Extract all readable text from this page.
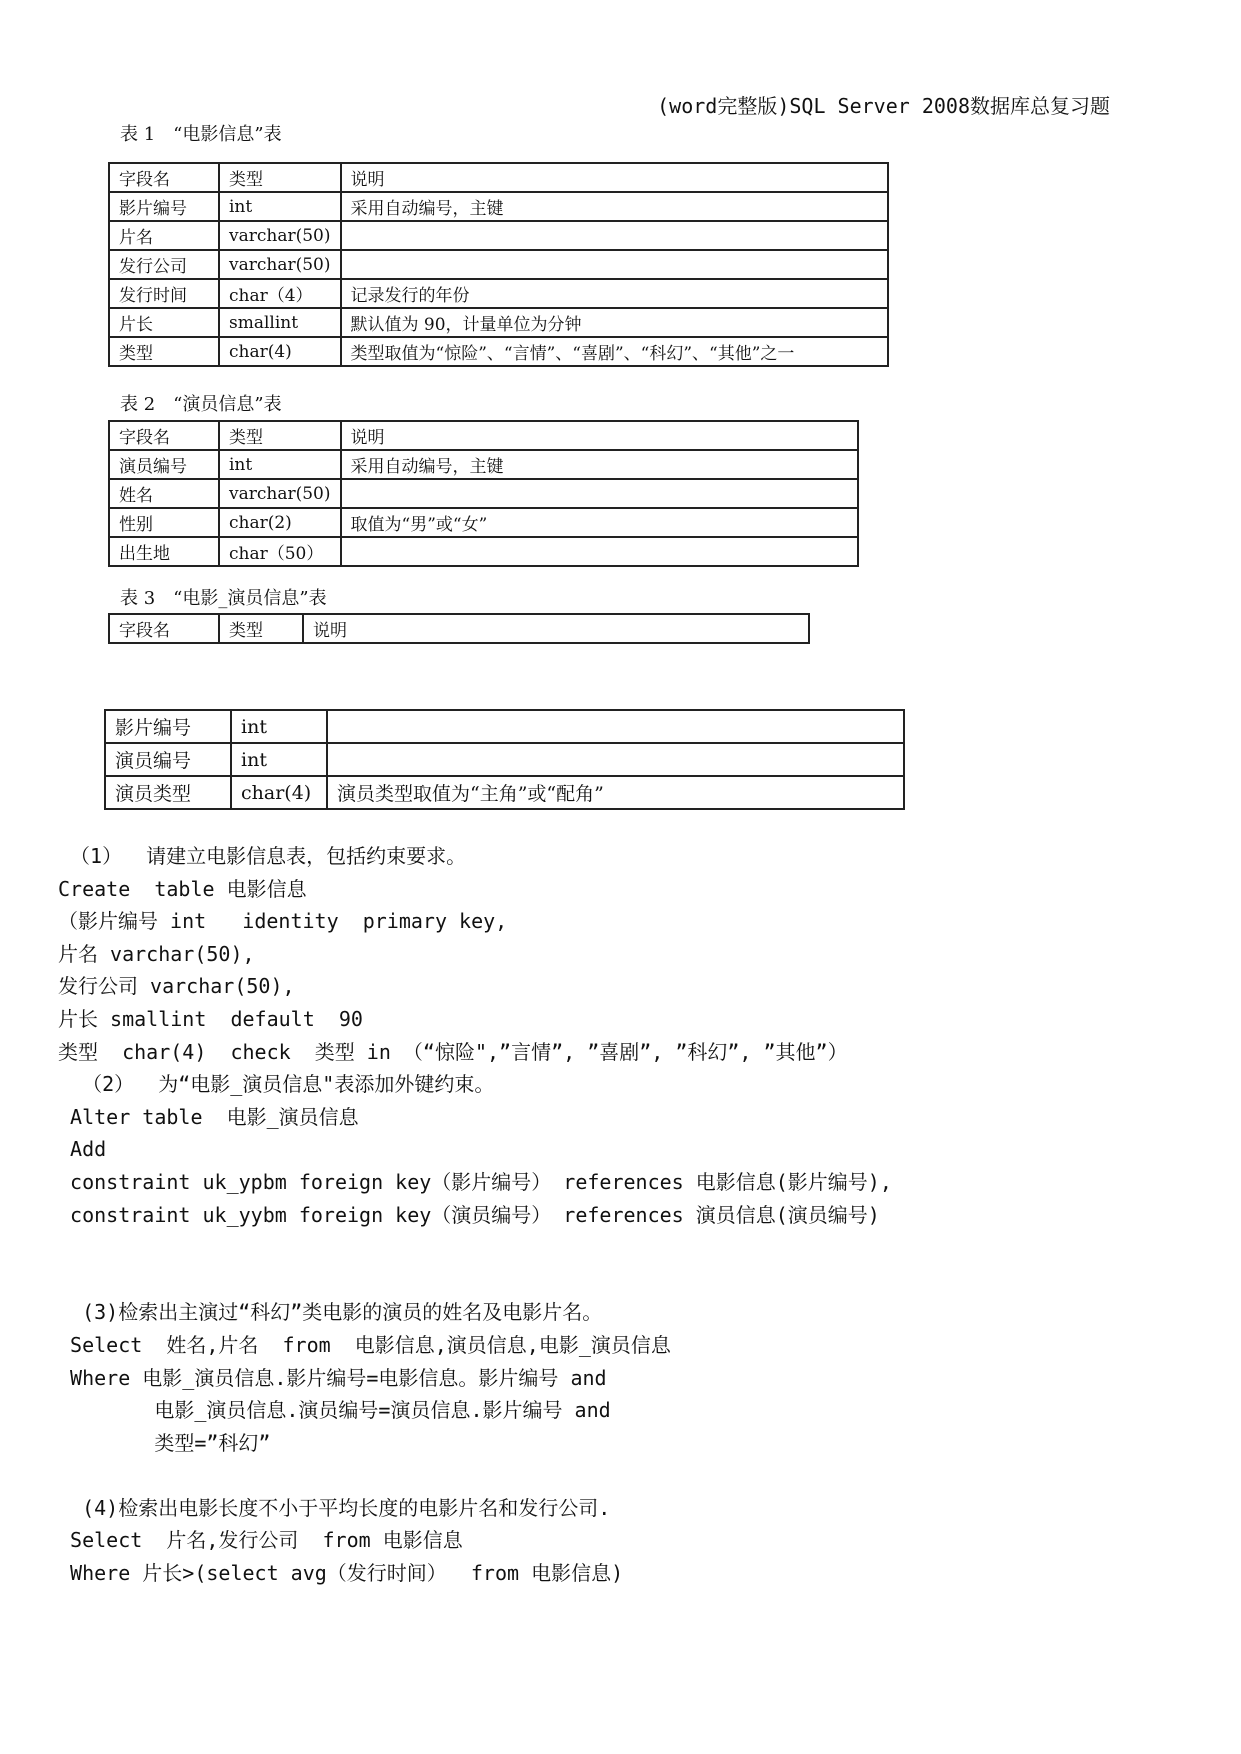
(word完整版)SQL Server 2008数据库总复习题
表 1　“电影信息”表
字段名	类型	说明
影片编号	int	采用自动编号，主键
片名	varchar(50)	
发行公司	varchar(50)	
发行时间	char（4）	记录发行的年份
片长	smallint	默认值为 90，计量单位为分钟
类型	char(4)	类型取值为“惊险”、“言情”、“喜剧”、“科幻”、“其他”之一
表 2　“演员信息”表
字段名	类型	说明
演员编号	int	采用自动编号，主键
姓名	varchar(50)	
性别	char(2)	取值为“男”或“女”
出生地	char（50）	
表 3　“电影_演员信息”表
字段名	类型	说明
影片编号	int	
演员编号	int	
演员类型	char(4)	演员类型取值为“主角”或“配角”
（1）  请建立电影信息表，包括约束要求。
Create  table 电影信息
（影片编号 int   identity  primary key,
片名 varchar(50),
发行公司 varchar(50),
片长 smallint  default  90
类型  char(4)  check  类型 in （“惊险",”言情”, ”喜剧”, ”科幻”, ”其他”）
（2）  为“电影_演员信息"表添加外键约束。
Alter table  电影_演员信息
Add
constraint uk_ypbm foreign key（影片编号） references 电影信息(影片编号),
constraint uk_yybm foreign key（演员编号） references 演员信息(演员编号)
(3)检索出主演过“科幻”类电影的演员的姓名及电影片名。
Select  姓名,片名  from  电影信息,演员信息,电影_演员信息
Where 电影_演员信息.影片编号=电影信息。影片编号 and
电影_演员信息.演员编号=演员信息.影片编号 and
类型=”科幻”
(4)检索出电影长度不小于平均长度的电影片名和发行公司.
Select  片名,发行公司  from 电影信息
Where 片长>(select avg（发行时间）  from 电影信息)
